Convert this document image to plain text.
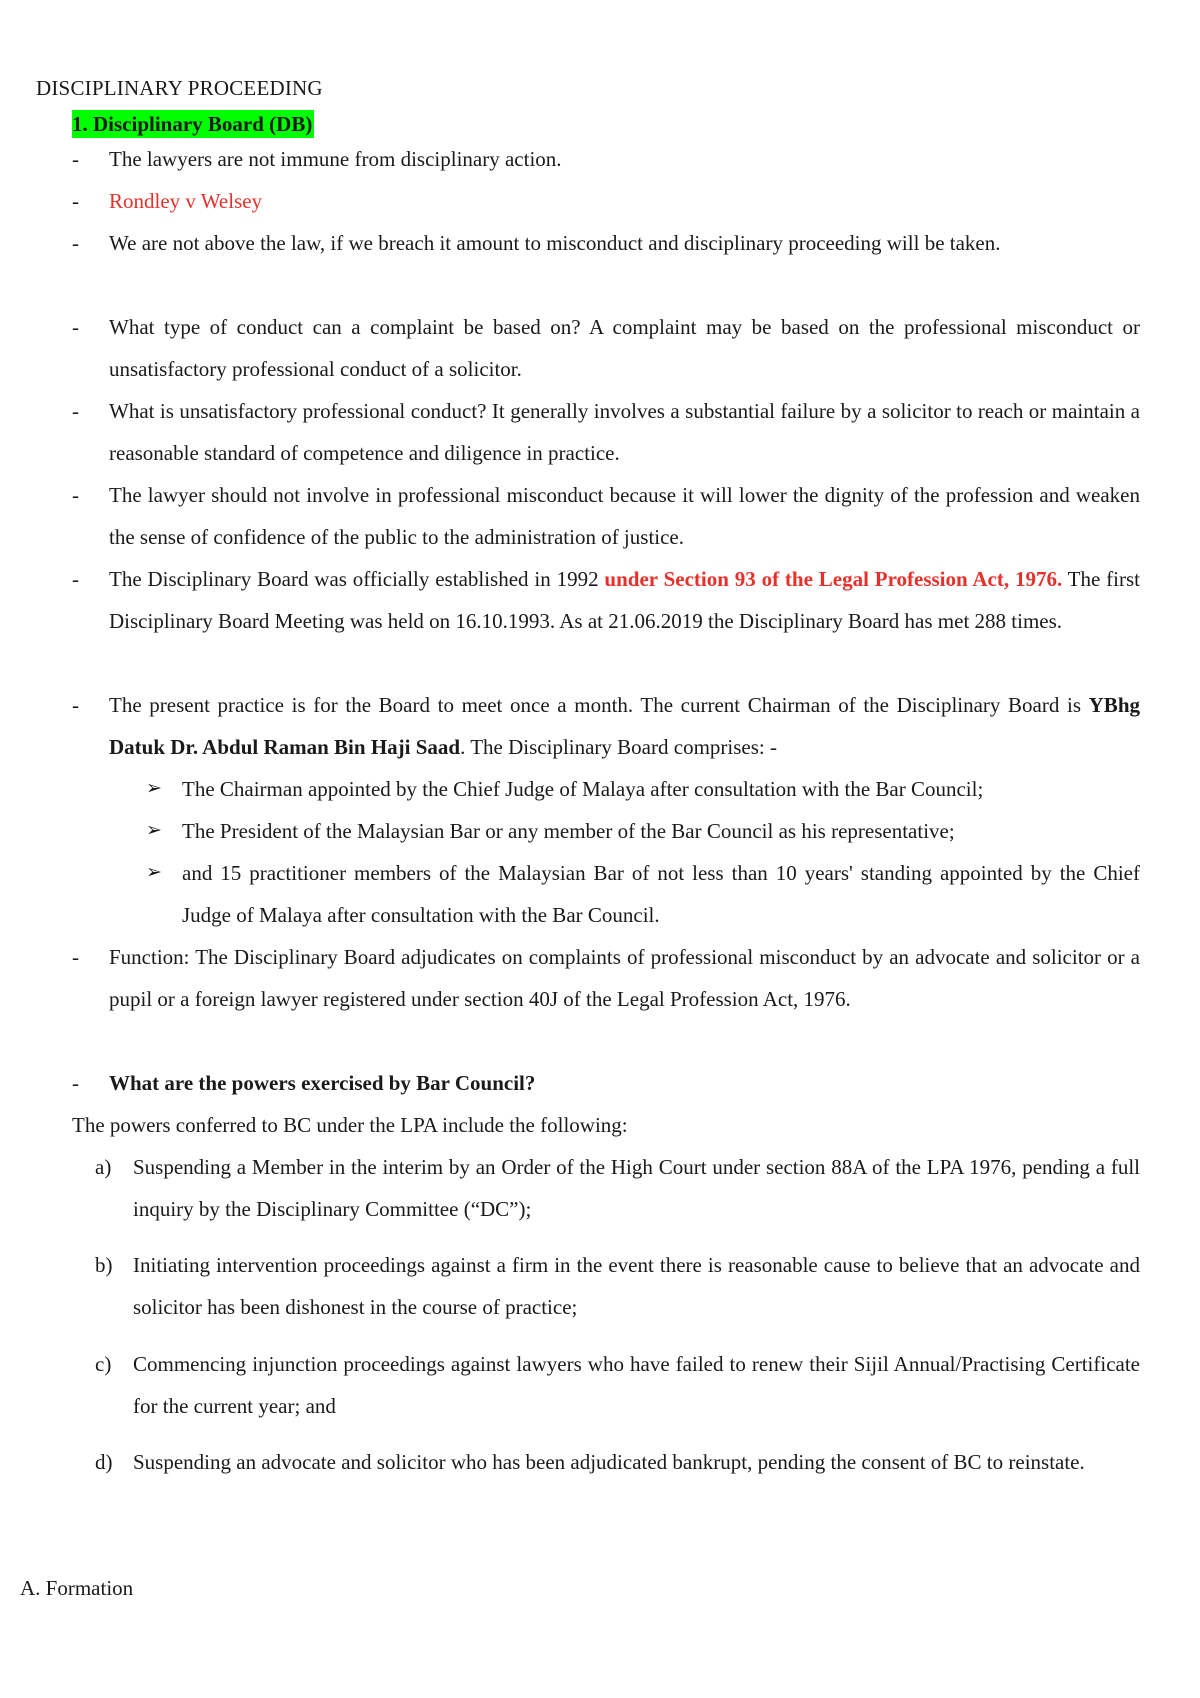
DISCIPLINARY PROCEEDING
1. Disciplinary Board (DB)
- The lawyers are not immune from disciplinary action.
- Rondley v Welsey
- We are not above the law, if we breach it amount to misconduct and disciplinary proceeding will be taken.
- What type of conduct can a complaint be based on? A complaint may be based on the professional misconduct or unsatisfactory professional conduct of a solicitor.
- What is unsatisfactory professional conduct? It generally involves a substantial failure by a solicitor to reach or maintain a reasonable standard of competence and diligence in practice.
- The lawyer should not involve in professional misconduct because it will lower the dignity of the profession and weaken the sense of confidence of the public to the administration of justice.
- The Disciplinary Board was officially established in 1992 under Section 93 of the Legal Profession Act, 1976. The first Disciplinary Board Meeting was held on 16.10.1993. As at 21.06.2019 the Disciplinary Board has met 288 times.
- The present practice is for the Board to meet once a month. The current Chairman of the Disciplinary Board is YBhg Datuk Dr. Abdul Raman Bin Haji Saad. The Disciplinary Board comprises: -
➢ The Chairman appointed by the Chief Judge of Malaya after consultation with the Bar Council;
➢ The President of the Malaysian Bar or any member of the Bar Council as his representative;
➢ and 15 practitioner members of the Malaysian Bar of not less than 10 years' standing appointed by the Chief Judge of Malaya after consultation with the Bar Council.
- Function: The Disciplinary Board adjudicates on complaints of professional misconduct by an advocate and solicitor or a pupil or a foreign lawyer registered under section 40J of the Legal Profession Act, 1976.
- What are the powers exercised by Bar Council?
The powers conferred to BC under the LPA include the following:
a) Suspending a Member in the interim by an Order of the High Court under section 88A of the LPA 1976, pending a full inquiry by the Disciplinary Committee (“DC”);
b) Initiating intervention proceedings against a firm in the event there is reasonable cause to believe that an advocate and solicitor has been dishonest in the course of practice;
c) Commencing injunction proceedings against lawyers who have failed to renew their Sijil Annual/Practising Certificate for the current year; and
d) Suspending an advocate and solicitor who has been adjudicated bankrupt, pending the consent of BC to reinstate.
A. Formation
